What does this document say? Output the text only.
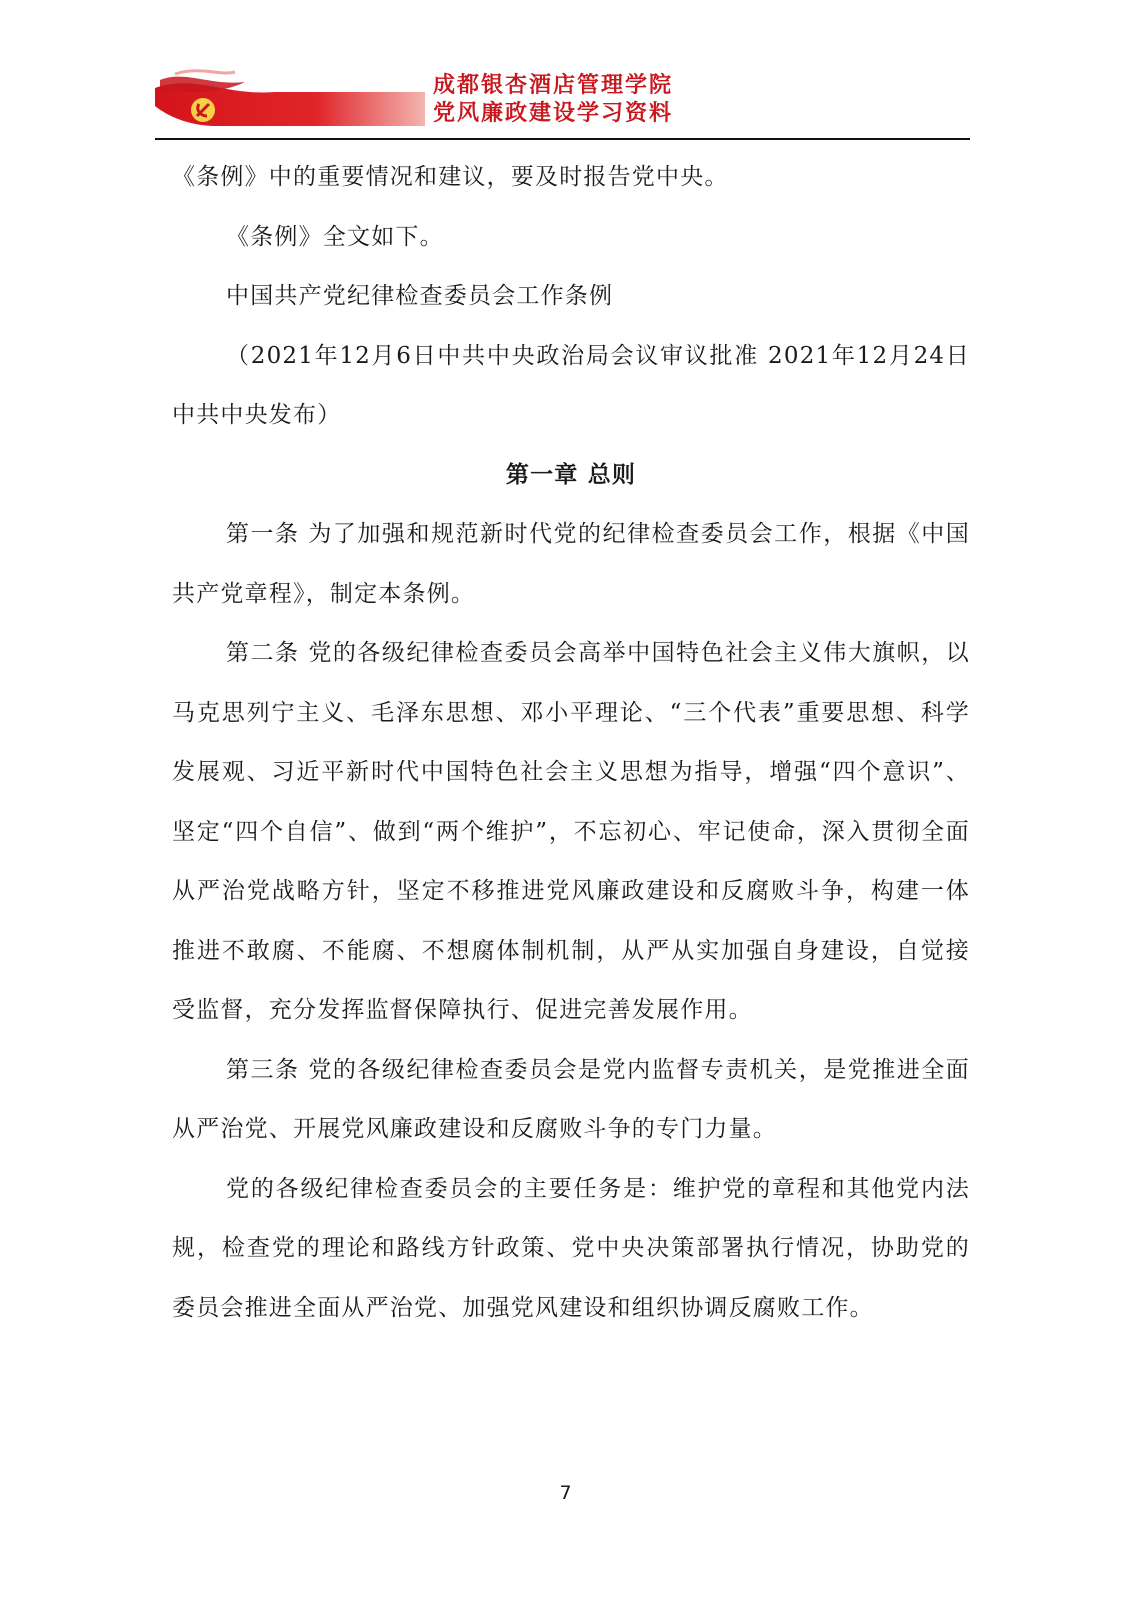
成都银杏酒店管理学院
党风廉政建设学习资料

《条例》中的重要情况和建议，要及时报告党中央。

《条例》全文如下。

中国共产党纪律检查委员会工作条例

（2021年12月6日中共中央政治局会议审议批准 2021年12月24日中共中央发布）

第一章 总则

第一条 为了加强和规范新时代党的纪律检查委员会工作，根据《中国共产党章程》，制定本条例。

第二条 党的各级纪律检查委员会高举中国特色社会主义伟大旗帜，以马克思列宁主义、毛泽东思想、邓小平理论、“三个代表”重要思想、科学发展观、习近平新时代中国特色社会主义思想为指导，增强“四个意识”、坚定“四个自信”、做到“两个维护”，不忘初心、牢记使命，深入贯彻全面从严治党战略方针，坚定不移推进党风廉政建设和反腐败斗争，构建一体推进不敢腐、不能腐、不想腐体制机制，从严从实加强自身建设，自觉接受监督，充分发挥监督保障执行、促进完善发展作用。

第三条 党的各级纪律检查委员会是党内监督专责机关，是党推进全面从严治党、开展党风廉政建设和反腐败斗争的专门力量。

党的各级纪律检查委员会的主要任务是：维护党的章程和其他党内法规，检查党的理论和路线方针政策、党中央决策部署执行情况，协助党的委员会推进全面从严治党、加强党风建设和组织协调反腐败工作。

7
